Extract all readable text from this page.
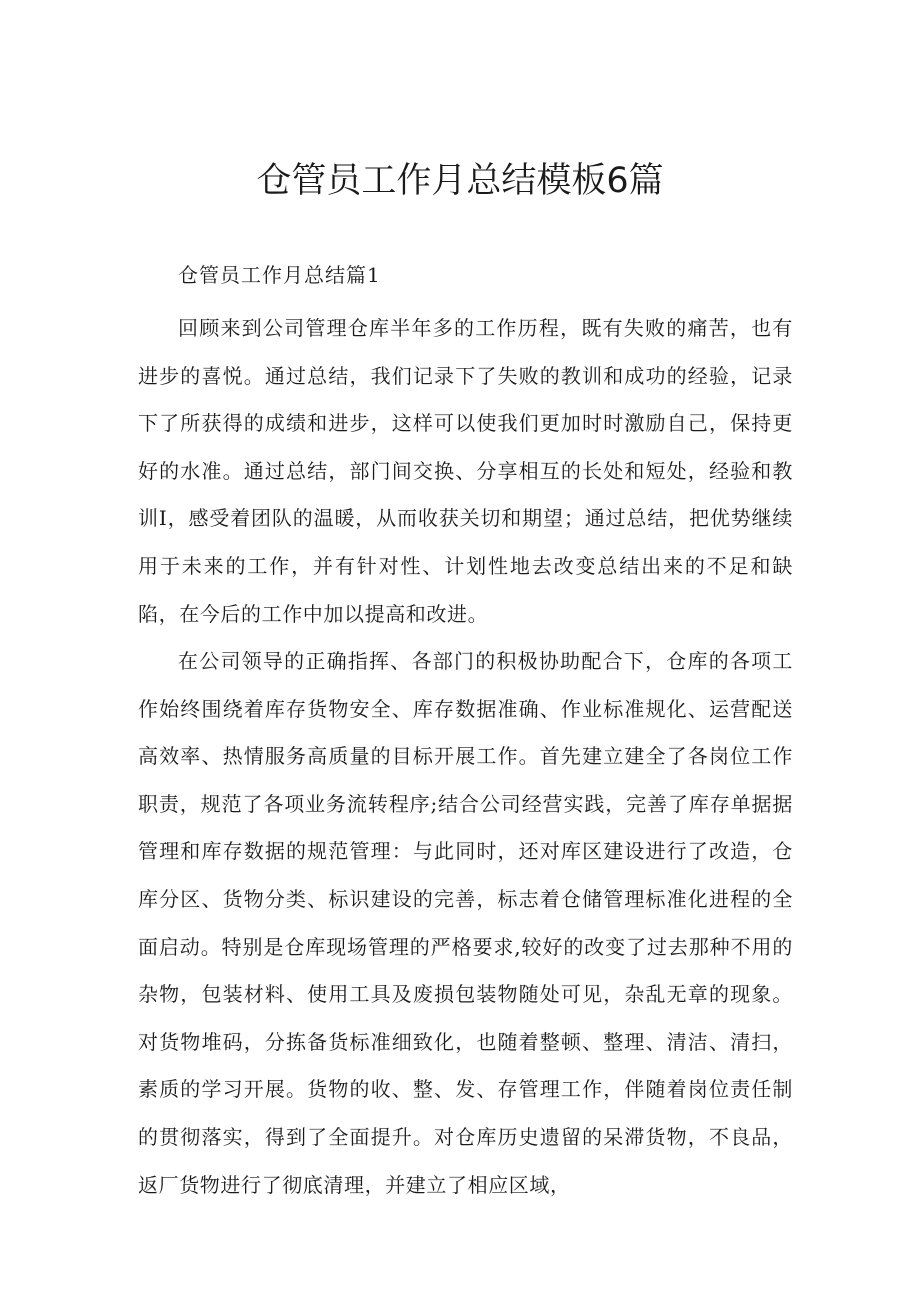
仓管员工作月总结模板6篇

仓管员工作月总结篇1

回顾来到公司管理仓库半年多的工作历程，既有失败的痛苦，也有进步的喜悦。通过总结，我们记录下了失败的教训和成功的经验，记录下了所获得的成绩和进步，这样可以使我们更加时时激励自己，保持更好的水准。通过总结，部门间交换、分享相互的长处和短处，经验和教训I，感受着团队的温暖，从而收获关切和期望；通过总结，把优势继续用于未来的工作，并有针对性、计划性地去改变总结出来的不足和缺陷，在今后的工作中加以提高和改进。

在公司领导的正确指挥、各部门的积极协助配合下，仓库的各项工作始终围绕着库存货物安全、库存数据准确、作业标准规化、运营配送高效率、热情服务高质量的目标开展工作。首先建立建全了各岗位工作职责，规范了各项业务流转程序;结合公司经营实践，完善了库存单据据管理和库存数据的规范管理：与此同时，还对库区建设进行了改造，仓库分区、货物分类、标识建设的完善，标志着仓储管理标准化进程的全面启动。特别是仓库现场管理的严格要求,较好的改变了过去那种不用的杂物，包装材料、使用工具及废损包装物随处可见，杂乱无章的现象。对货物堆码，分拣备货标准细致化，也随着整顿、整理、清洁、清扫，素质的学习开展。货物的收、整、发、存管理工作，伴随着岗位责任制的贯彻落实，得到了全面提升。对仓库历史遗留的呆滞货物，不良品，返厂货物进行了彻底清理，并建立了相应区域，
